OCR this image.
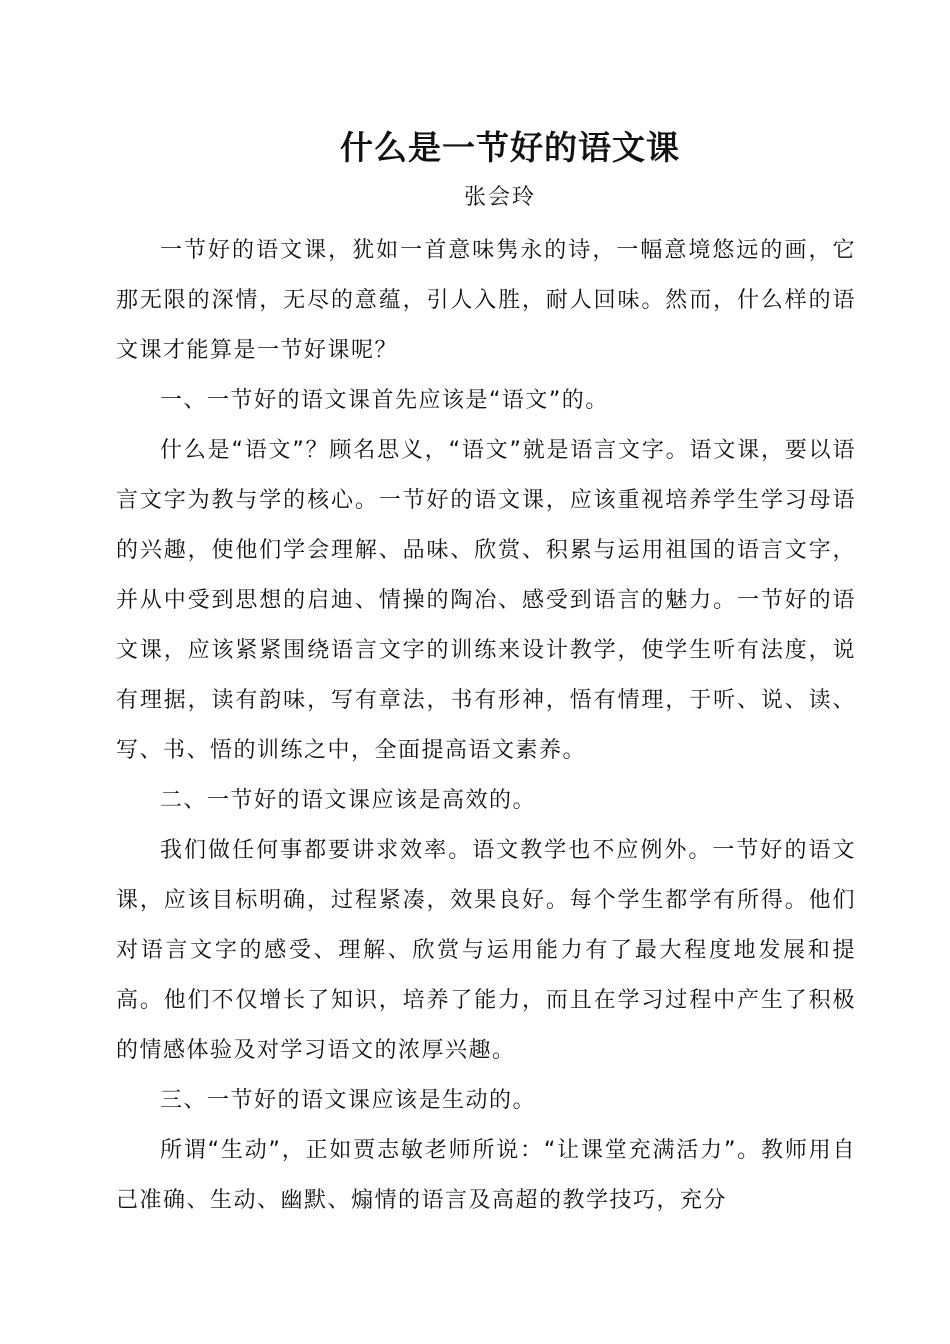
什么是一节好的语文课
张会玲

一节好的语文课，犹如一首意味隽永的诗，一幅意境悠远的画，它那无限的深情，无尽的意蕴，引人入胜，耐人回味。然而，什么样的语文课才能算是一节好课呢？

一、一节好的语文课首先应该是“语文”的。

什么是“语文”？顾名思义，“语文”就是语言文字。语文课，要以语言文字为教与学的核心。一节好的语文课，应该重视培养学生学习母语的兴趣，使他们学会理解、品味、欣赏、积累与运用祖国的语言文字，并从中受到思想的启迪、情操的陶冶、感受到语言的魅力。一节好的语文课，应该紧紧围绕语言文字的训练来设计教学，使学生听有法度，说有理据，读有韵味，写有章法，书有形神，悟有情理，于听、说、读、写、书、悟的训练之中，全面提高语文素养。

二、一节好的语文课应该是高效的。

我们做任何事都要讲求效率。语文教学也不应例外。一节好的语文课，应该目标明确，过程紧凑，效果良好。每个学生都学有所得。他们对语言文字的感受、理解、欣赏与运用能力有了最大程度地发展和提高。他们不仅增长了知识，培养了能力，而且在学习过程中产生了积极的情感体验及对学习语文的浓厚兴趣。

三、一节好的语文课应该是生动的。

所谓“生动”，正如贾志敏老师所说：“让课堂充满活力”。教师用自己准确、生动、幽默、煽情的语言及高超的教学技巧，充分
